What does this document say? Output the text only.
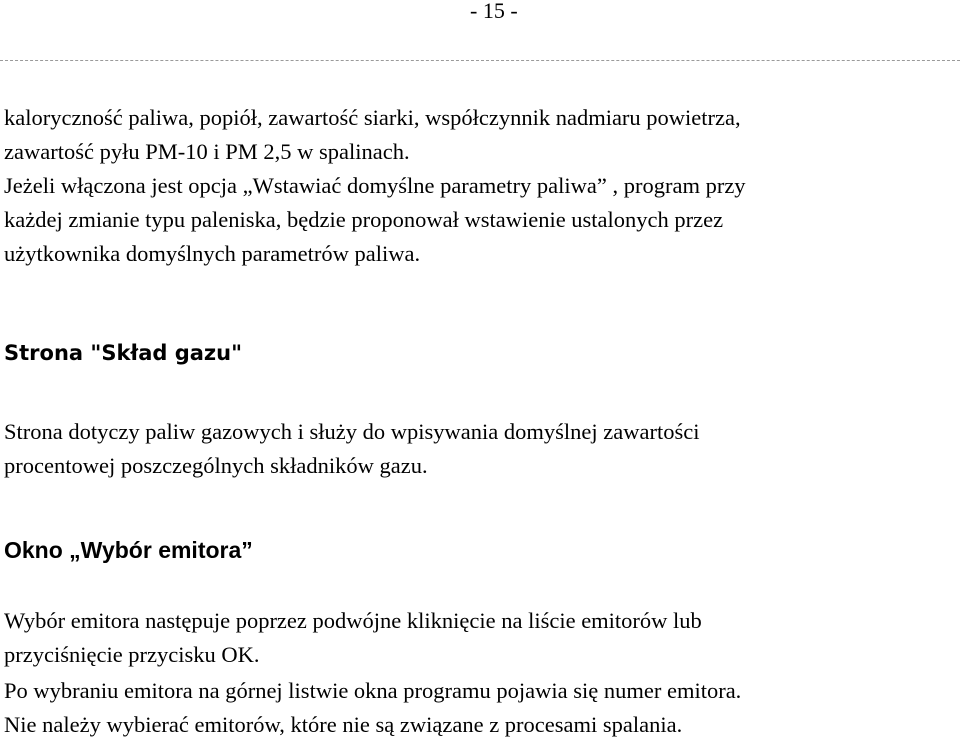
- 15 -

kaloryczność paliwa, popiół, zawartość siarki, współczynnik nadmiaru powietrza,
zawartość pyłu PM-10 i PM 2,5 w spalinach.

Jeżeli włączona jest opcja „Wstawiać domyślne parametry paliwa” , program przy
każdej zmianie typu paleniska, będzie proponował wstawienie ustalonych przez
użytkownika domyślnych parametrów paliwa.

Strona "Skład gazu"

Strona dotyczy paliw gazowych i służy do wpisywania domyślnej zawartości
procentowej poszczególnych składników gazu.

Okno „Wybór emitora”

Wybór emitora następuje poprzez podwójne kliknięcie na liście emitorów lub
przyciśnięcie przycisku OK.

Po wybraniu emitora na górnej listwie okna programu pojawia się numer emitora.
Nie należy wybierać emitorów, które nie są związane z procesami spalania.
